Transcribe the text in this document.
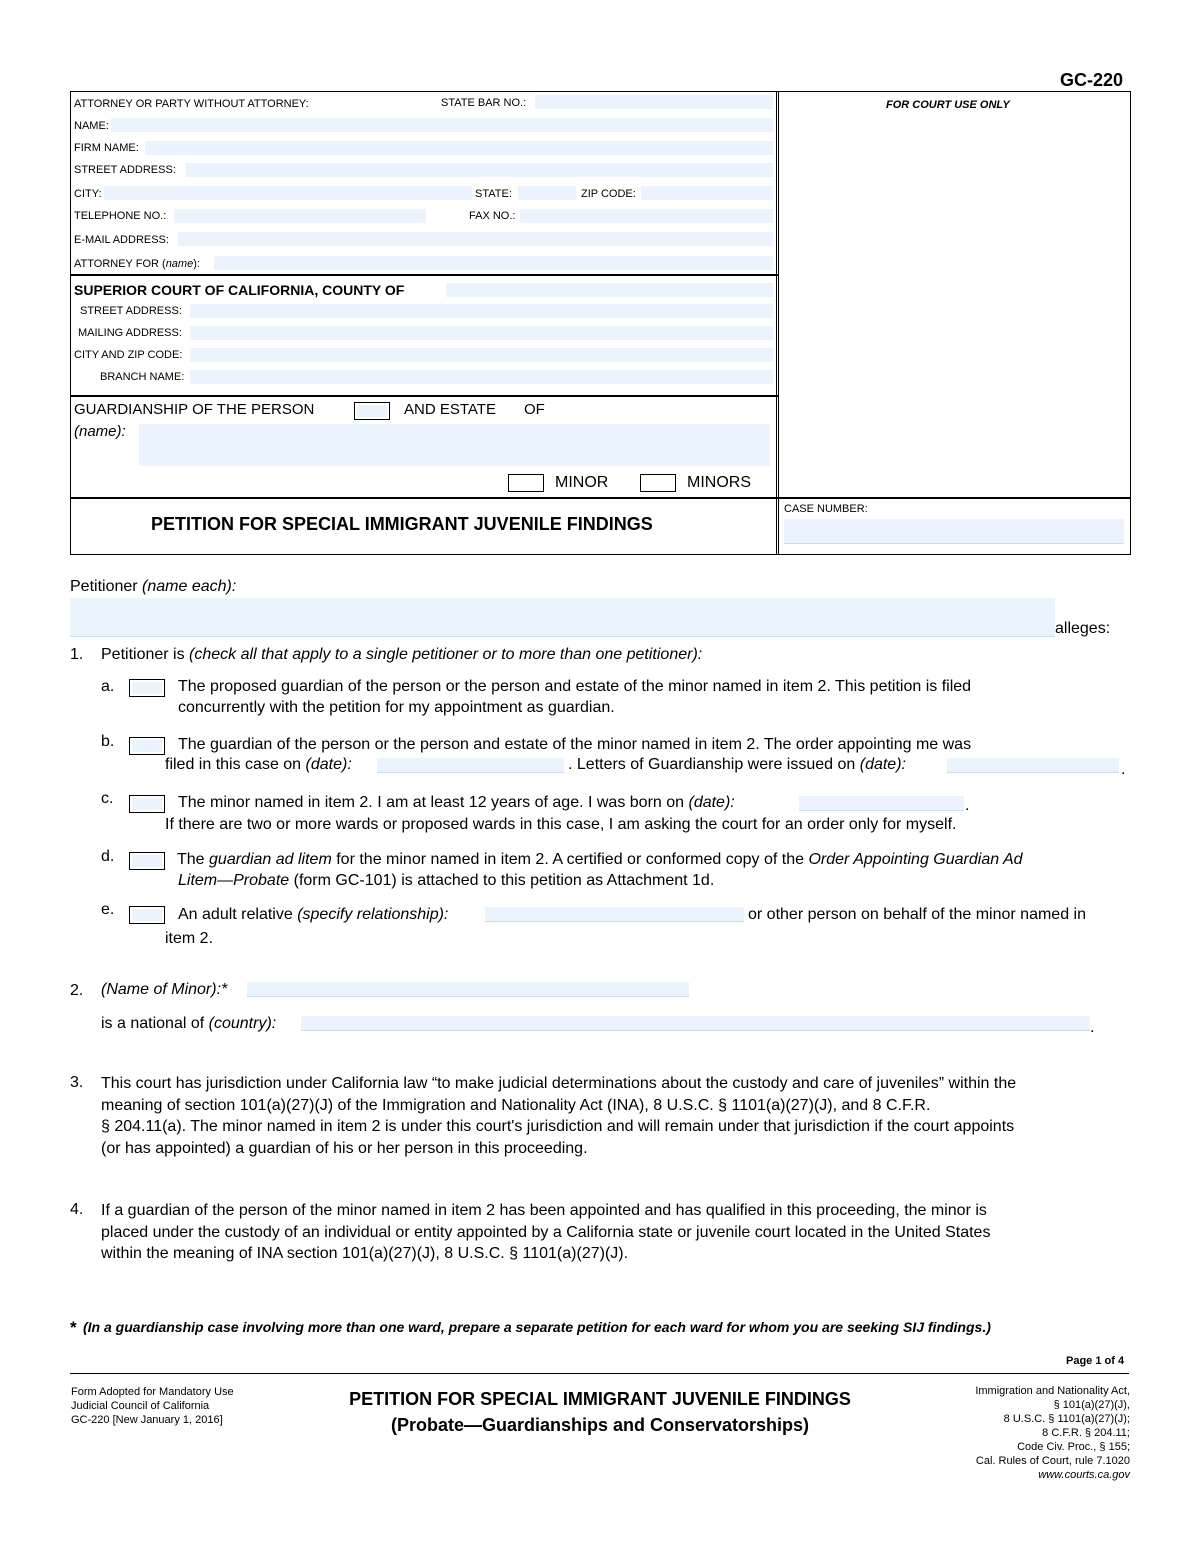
GC-220
ATTORNEY OR PARTY WITHOUT ATTORNEY:	STATE BAR NO.:
NAME:
FIRM NAME:
STREET ADDRESS:
CITY:	STATE:	ZIP CODE:
TELEPHONE NO.:	FAX NO.:
E-MAIL ADDRESS:
ATTORNEY FOR (name):
FOR COURT USE ONLY
SUPERIOR COURT OF CALIFORNIA, COUNTY OF
STREET ADDRESS:
MAILING ADDRESS:
CITY AND ZIP CODE:
BRANCH NAME:
GUARDIANSHIP OF THE PERSON	AND ESTATE OF
(name):
MINOR	MINORS
PETITION FOR SPECIAL IMMIGRANT JUVENILE FINDINGS
CASE NUMBER:
Petitioner (name each):
alleges:
1. Petitioner is (check all that apply to a single petitioner or to more than one petitioner):
a.	The proposed guardian of the person or the person and estate of the minor named in item 2. This petition is filed
concurrently with the petition for my appointment as guardian.
b.	The guardian of the person or the person and estate of the minor named in item 2. The order appointing me was
filed in this case on (date):	. Letters of Guardianship were issued on (date):	.
c.	The minor named in item 2. I am at least 12 years of age. I was born on (date):	.
If there are two or more wards or proposed wards in this case, I am asking the court for an order only for myself.
d.	The guardian ad litem for the minor named in item 2. A certified or conformed copy of the Order Appointing Guardian Ad
Litem—Probate (form GC-101) is attached to this petition as Attachment 1d.
e.	An adult relative (specify relationship):	or other person on behalf of the minor named in
item 2.
2. (Name of Minor):*
is a national of (country):	.
3. This court has jurisdiction under California law “to make judicial determinations about the custody and care of juveniles” within the
meaning of section 101(a)(27)(J) of the Immigration and Nationality Act (INA), 8 U.S.C. § 1101(a)(27)(J), and 8 C.F.R.
§ 204.11(a). The minor named in item 2 is under this court's jurisdiction and will remain under that jurisdiction if the court appoints
(or has appointed) a guardian of his or her person in this proceeding.
4. If a guardian of the person of the minor named in item 2 has been appointed and has qualified in this proceeding, the minor is
placed under the custody of an individual or entity appointed by a California state or juvenile court located in the United States
within the meaning of INA section 101(a)(27)(J), 8 U.S.C. § 1101(a)(27)(J).
* (In a guardianship case involving more than one ward, prepare a separate petition for each ward for whom you are seeking SIJ findings.)
Page 1 of 4
Form Adopted for Mandatory Use
Judicial Council of California
GC-220 [New January 1, 2016]
PETITION FOR SPECIAL IMMIGRANT JUVENILE FINDINGS
(Probate—Guardianships and Conservatorships)
Immigration and Nationality Act,
§ 101(a)(27)(J),
8 U.S.C. § 1101(a)(27)(J);
8 C.F.R. § 204.11;
Code Civ. Proc., § 155;
Cal. Rules of Court, rule 7.1020
www.courts.ca.gov
